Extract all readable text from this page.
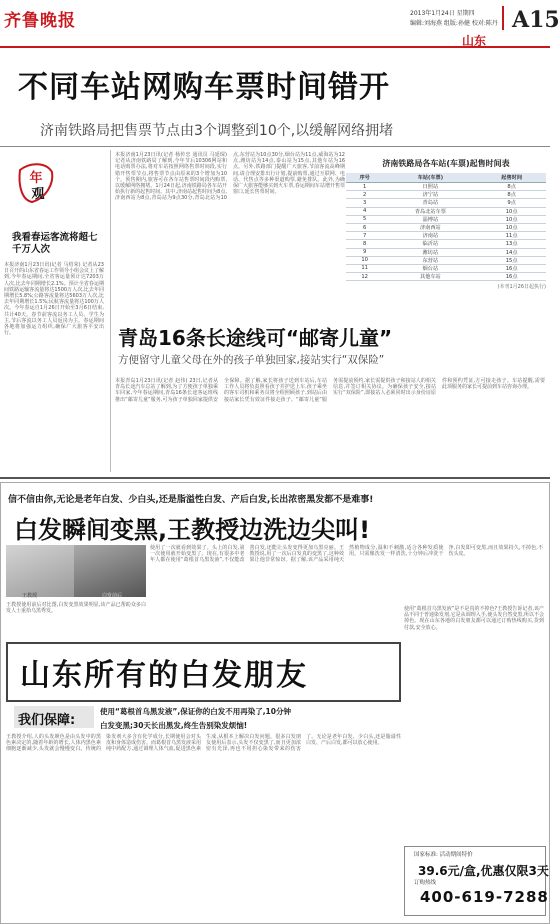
齐鲁晚报	2013年1月24日 星期四
编辑:刘海燕 组版:孙健 校对:陈丹 A15
山东
不同车站网购车票时间错开
济南铁路局把售票节点由3个调整到10个,以缓解网络拥堵
年
观
我看春运客流将超七千万人次
本报济南1月23日讯(记者 马绍荣) 记者从23日召开的山东省春运工作领导小组会议上了解到,今年春运期间,全省客运量预计达7203万人次,比去年同期增长2.1%。预计全省春运期间铁路运输客流量将达1500万人次,比去年同期增长5.8%;公路客流量将达5603万人次,比去年同期增长1.5%;民航客流量将达100万人次。今年春运自1月26日开始至3月6日结束,共计40天。春节前客流以务工人员、学生为主,节后客流以务工人员返岗为主。春运期间各地将加强运力组织,确保广大旅客平安出行。
本报济南1月23日讯(记者 杨传忠 通讯员 马延琛) 记者从济南铁路局了解到,今年节后10306网站和电话购票办法,将对车站按照网络售票时间段,实行错开售票节点,将售票节点由原来的3个增加为10个。预售期内,旅客可在各车站售票时间段内购票,以缓解网络拥堵。1月24日起,济南铁路局各车站开始执行新的起售时间。其中,济南站起售时间为8点,济南西站为8点,青岛站为9点30分,青岛北站为10点,东营站为10点30分,烟台站为11点,威海站为12点,潍坊站为14点,泰山站为15点,其他车站为16点。另外,铁路部门提醒广大旅客,节前客流高峰期间,请合理安排出行计划,提前购票,通过互联网、电话、代售点等多种渠道购票,避免排队。此外,为确保广大旅客能够买到火车票,春运期间车站增开售票窗口,延长售票时间。
济南铁路局各车站(车票)起售时间表
序号	车站(车票)	起售时间
1	日照站	8点
2	济宁站	8点
3	青岛站	9点
4	青岛北站车票	10点
5	淄博站	10点
6	济南西站	10点
7	济南站	11点
8	临沂站	13点
9	潍坊站	14点
10	东营站	15点
11	烟台站	16点
12	其他车站	16点
(本刊1月26日起执行)
青岛16条长途线可“邮寄儿童”
方便留守儿童父母在外的孩子单独回家,接站实行“双保险”
本报青岛1月23日讯(记者 赵伟) 23日,记者从青岛长途汽车总站了解到,为了方便孩子单独乘车回家,今年春运期间,青岛16条长途客运班线推出“邮寄儿童”服务,可为孩子单独回家提供安全保障。据了解,家长将孩子送到车站后,车站工作人员将负责照看孩子并护送上车,孩子乘坐的客车司机和乘务员将全程照顾孩子,到站后由接站家长凭有效证件接走孩子。“邮寄儿童”服务需提前预约,家长需提供孩子和接站人的相关信息,并签订相关协议。为确保孩子安全,接站实行“双保险”,即接站人必须同时出示身份证原件和预约凭证,方可接走孩子。车站提醒,需要此项服务的家长可提前到车站咨询办理。
信不信由你,无论是老年白发、少白头,还是脂溢性白发、产后白发,长出浓密黑发都不是难事!
白发瞬间变黑,王教授边洗边尖叫!
王教授	白发前后
使用了一次就看到效果了。头上的白发,第一次使用就开始变黑了。现在,有很多中老年人都在使用“葛根首乌黑发液”,不仅能改善白发,还能让头发变得更加乌黑亮丽。王教授说,用了一次后白发真的变黑了,这种效果让他非常惊讶。据了解,该产品采用纯天然植物成分,温和不刺激,适合各种发质使用。只需像洗发一样清洗,十分钟后冲洗干净,白发即可变黑,而且效果持久,不掉色,不伤头皮。
王教授使用前后对比图,白发变黑效果明显,该产品已帮助众多白发人士重拾乌黑秀发。
山东所有的白发朋友
使用“葛根首乌黑发液”是不是真的不掉色?王教授告诉记者,该产品不同于普通染发剂,它是从调理入手,使头发自然变黑,所以不会掉色。现在山东各地的白发朋友都可以通过订购热线购买,货到付款,安全放心。
我们保障:
使用“葛根首乌黑发液”,保证你的白发不用再染了,10分钟
白发变黑;30天长出黑发,终生告别染发烦恼!
王教授介绍,人的头发颜色是由头发中的黑色素决定的,随着年龄的增长,人体内黑色素细胞逐渐减少,头发就会慢慢变白。传统的染发剂大多含有化学成分,长期使用会对头皮和身体造成伤害。而葛根首乌黑发液采用纯中药配方,通过调理人体气血,促进黑色素生成,从根本上解决白发问题。很多白发朋友使用后表示,头发不仅变黑了,而且更加浓密有光泽,再也不用担心染发带来的伤害了。无论是老年白发、少白头,还是脂溢性白发、产后白发,都可以放心使用。
国家标准: 活动期间特价
39.6元/盒,优惠仅限3天
订购热线
400-619-7288
